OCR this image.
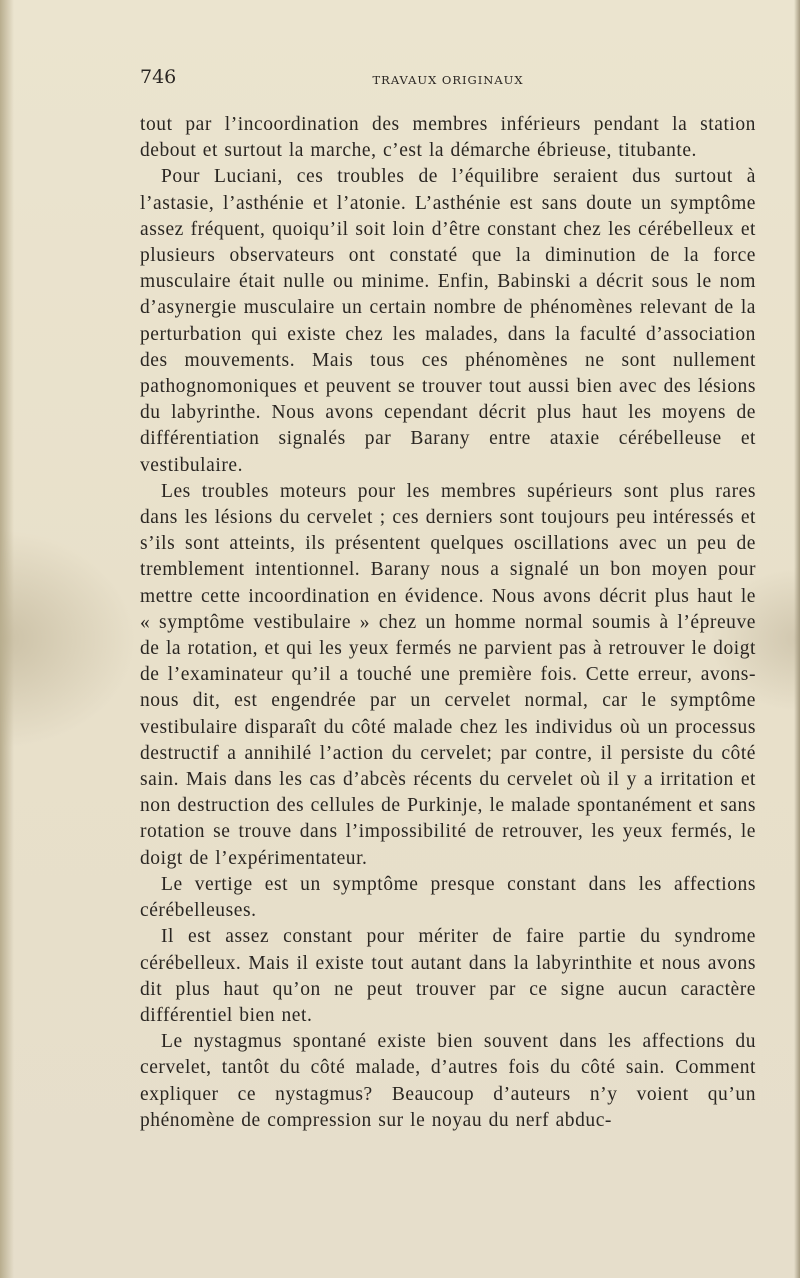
746	TRAVAUX ORIGINAUX

tout par l’incoordination des membres inférieurs pendant la station debout et surtout la marche, c’est la démarche ébrieuse, titubante.

Pour Luciani, ces troubles de l’équilibre seraient dus surtout à l’astasie, l’asthénie et l’atonie. L’asthénie est sans doute un symptôme assez fréquent, quoiqu’il soit loin d’être constant chez les cérébelleux et plusieurs observateurs ont constaté que la diminution de la force musculaire était nulle ou minime. Enfin, Babinski a décrit sous le nom d’asynergie musculaire un certain nombre de phénomènes relevant de la perturbation qui existe chez les malades, dans la faculté d’association des mouvements. Mais tous ces phénomènes ne sont nullement pathognomoniques et peuvent se trouver tout aussi bien avec des lésions du labyrinthe. Nous avons cependant décrit plus haut les moyens de différentiation signalés par Barany entre ataxie cérébelleuse et vestibulaire.

Les troubles moteurs pour les membres supérieurs sont plus rares dans les lésions du cervelet ; ces derniers sont toujours peu intéressés et s’ils sont atteints, ils présentent quelques oscillations avec un peu de tremblement intentionnel. Barany nous a signalé un bon moyen pour mettre cette incoordination en évidence. Nous avons décrit plus haut le « symptôme vestibulaire » chez un homme normal soumis à l’épreuve de la rotation, et qui les yeux fermés ne parvient pas à retrouver le doigt de l’examinateur qu’il a touché une première fois. Cette erreur, avons-nous dit, est engendrée par un cervelet normal, car le symptôme vestibulaire disparaît du côté malade chez les individus où un processus destructif a annihilé l’action du cervelet; par contre, il persiste du côté sain. Mais dans les cas d’abcès récents du cervelet où il y a irritation et non destruction des cellules de Purkinje, le malade spontanément et sans rotation se trouve dans l’impossibilité de retrouver, les yeux fermés, le doigt de l’expérimentateur.

Le vertige est un symptôme presque constant dans les affections cérébelleuses.

Il est assez constant pour mériter de faire partie du syndrome cérébelleux. Mais il existe tout autant dans la labyrinthite et nous avons dit plus haut qu’on ne peut trouver par ce signe aucun caractère différentiel bien net.

Le nystagmus spontané existe bien souvent dans les affections du cervelet, tantôt du côté malade, d’autres fois du côté sain. Comment expliquer ce nystagmus? Beaucoup d’auteurs n’y voient qu’un phénomène de compression sur le noyau du nerf abduc-
